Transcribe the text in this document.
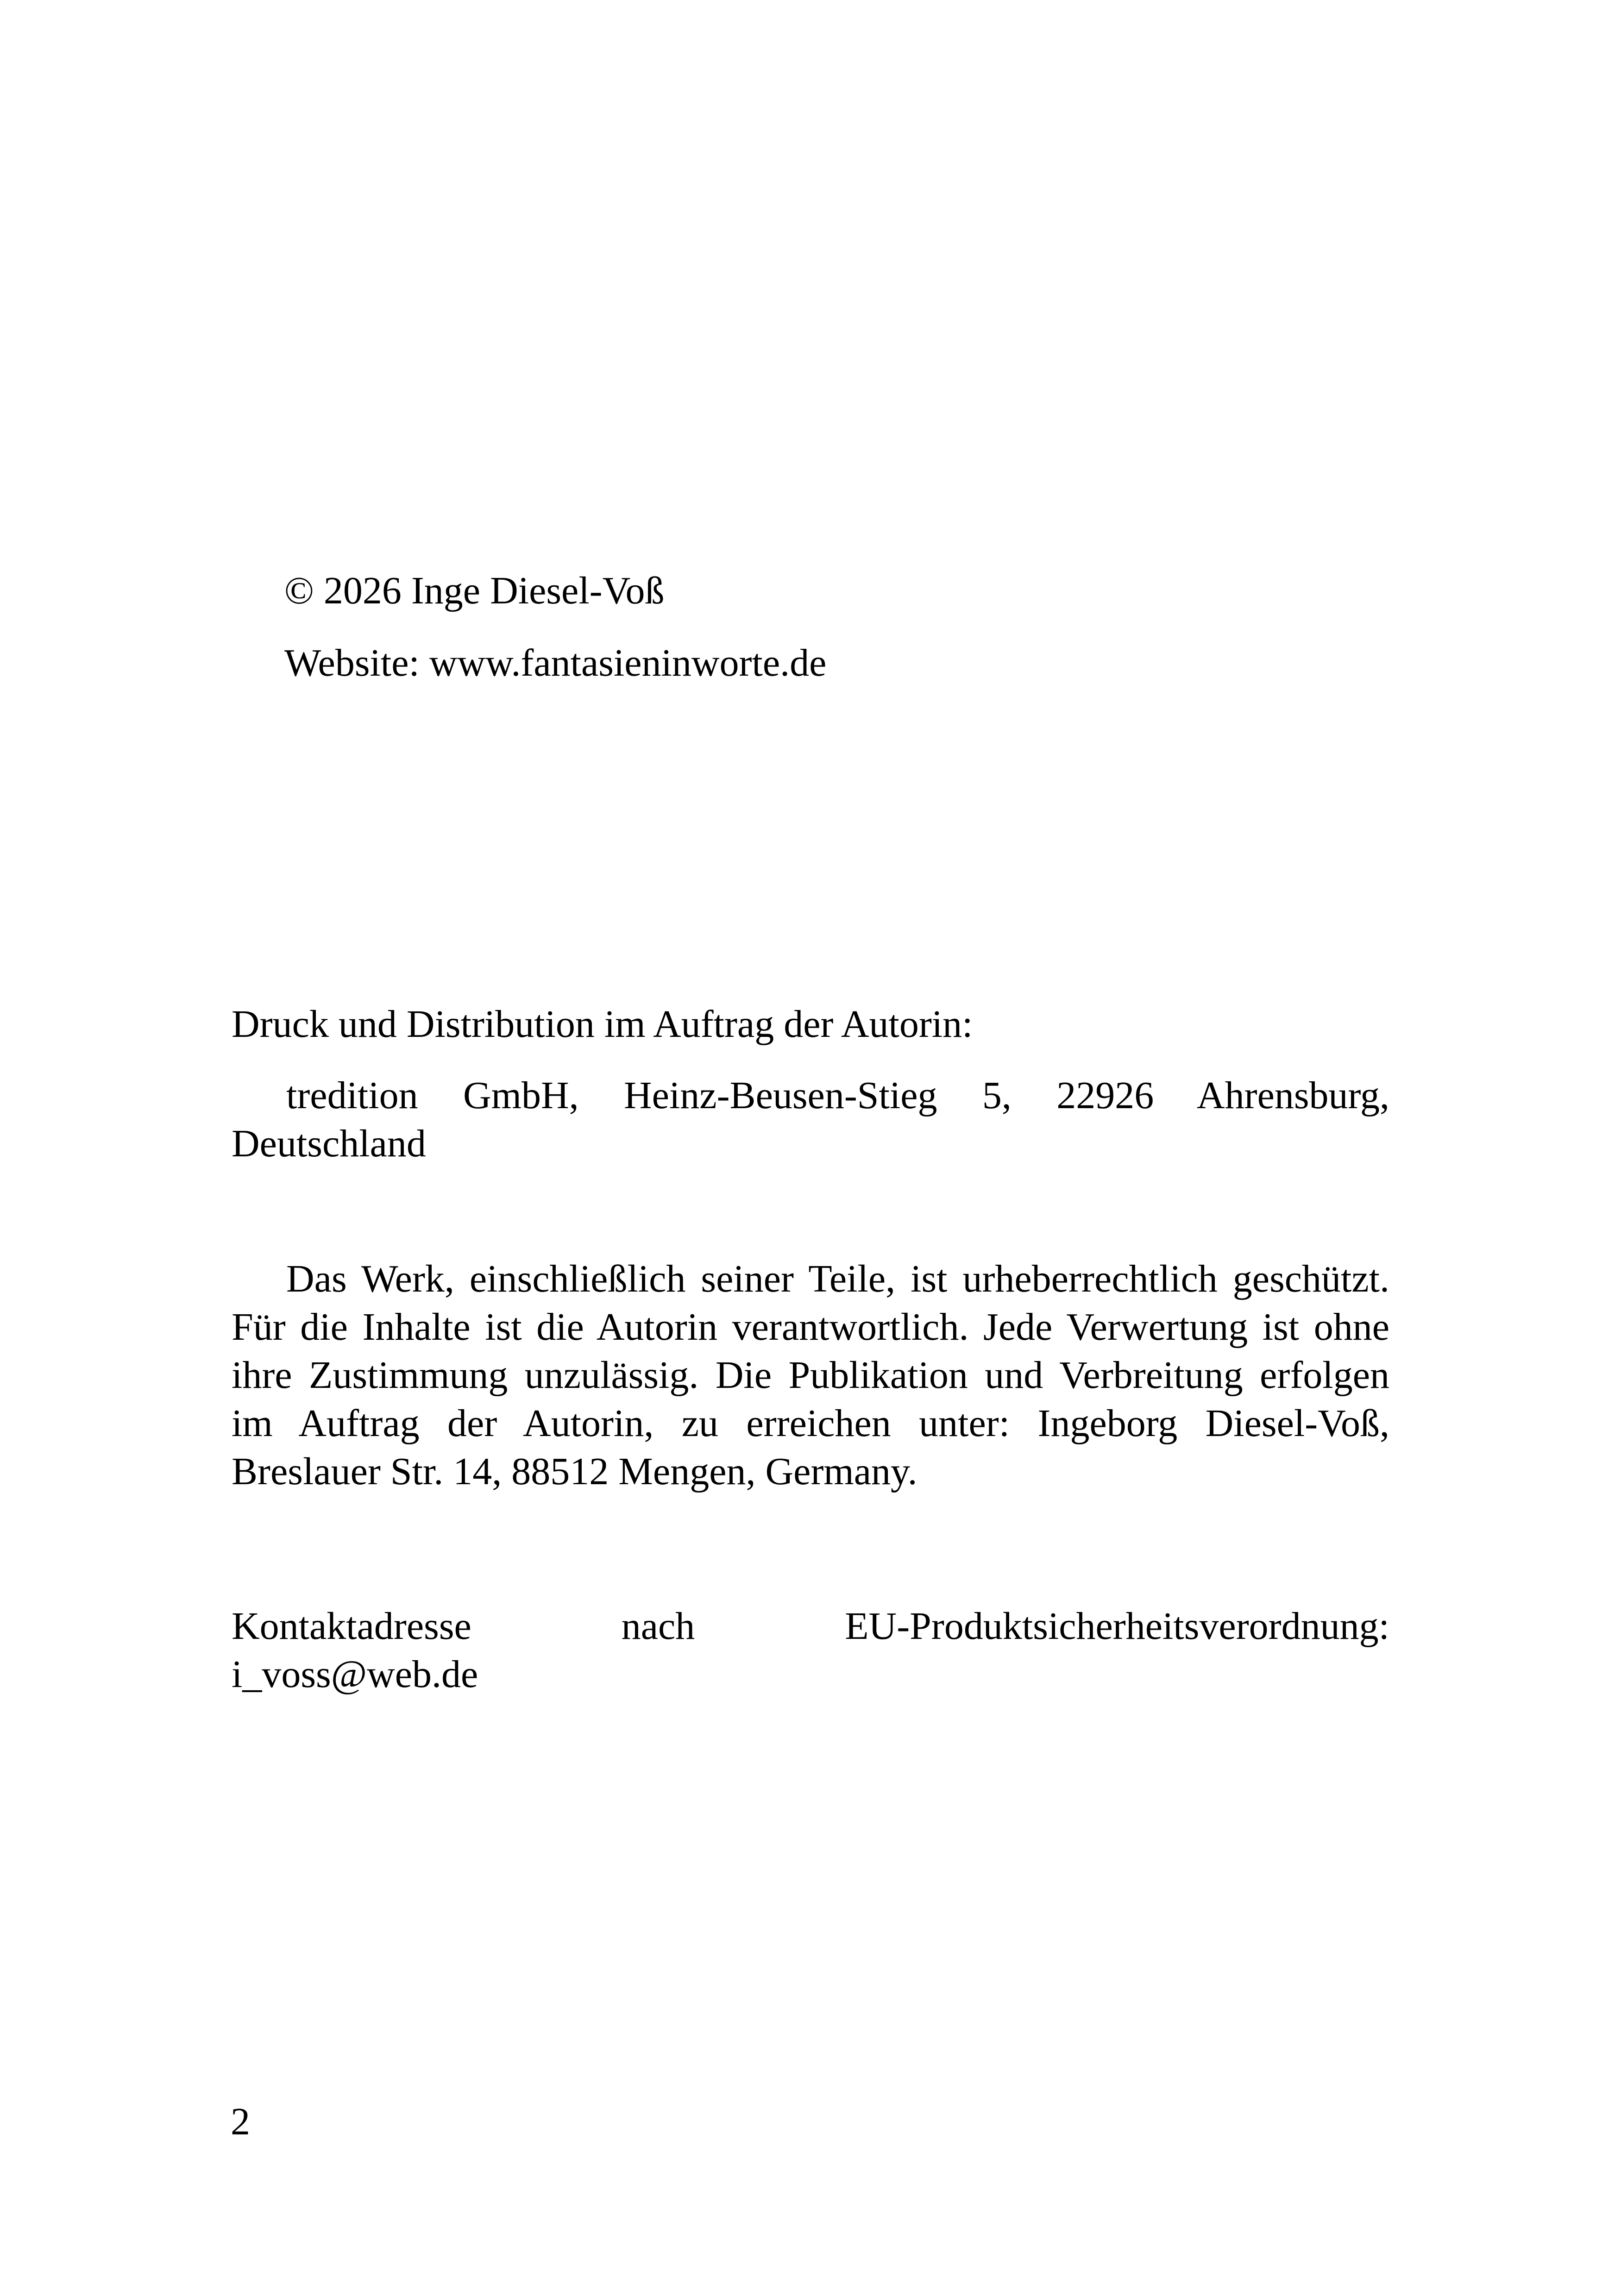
© 2026 Inge Diesel-Voß
Website: www.fantasieninworte.de
Druck und Distribution im Auftrag der Autorin:
tredition GmbH, Heinz-Beusen-Stieg 5, 22926 Ahrensburg,
Deutschland
Das Werk, einschließlich seiner Teile, ist urheberrechtlich geschützt. Für die Inhalte ist die Autorin verantwortlich. Jede Verwertung ist ohne ihre Zustimmung unzulässig. Die Publikation und Verbreitung erfolgen im Auftrag der Autorin, zu erreichen unter: Ingeborg Diesel-Voß, Breslauer Str. 14, 88512 Mengen, Germany.
Kontaktadresse nach EU-Produktsicherheitsverordnung:
i_voss@web.de
2
